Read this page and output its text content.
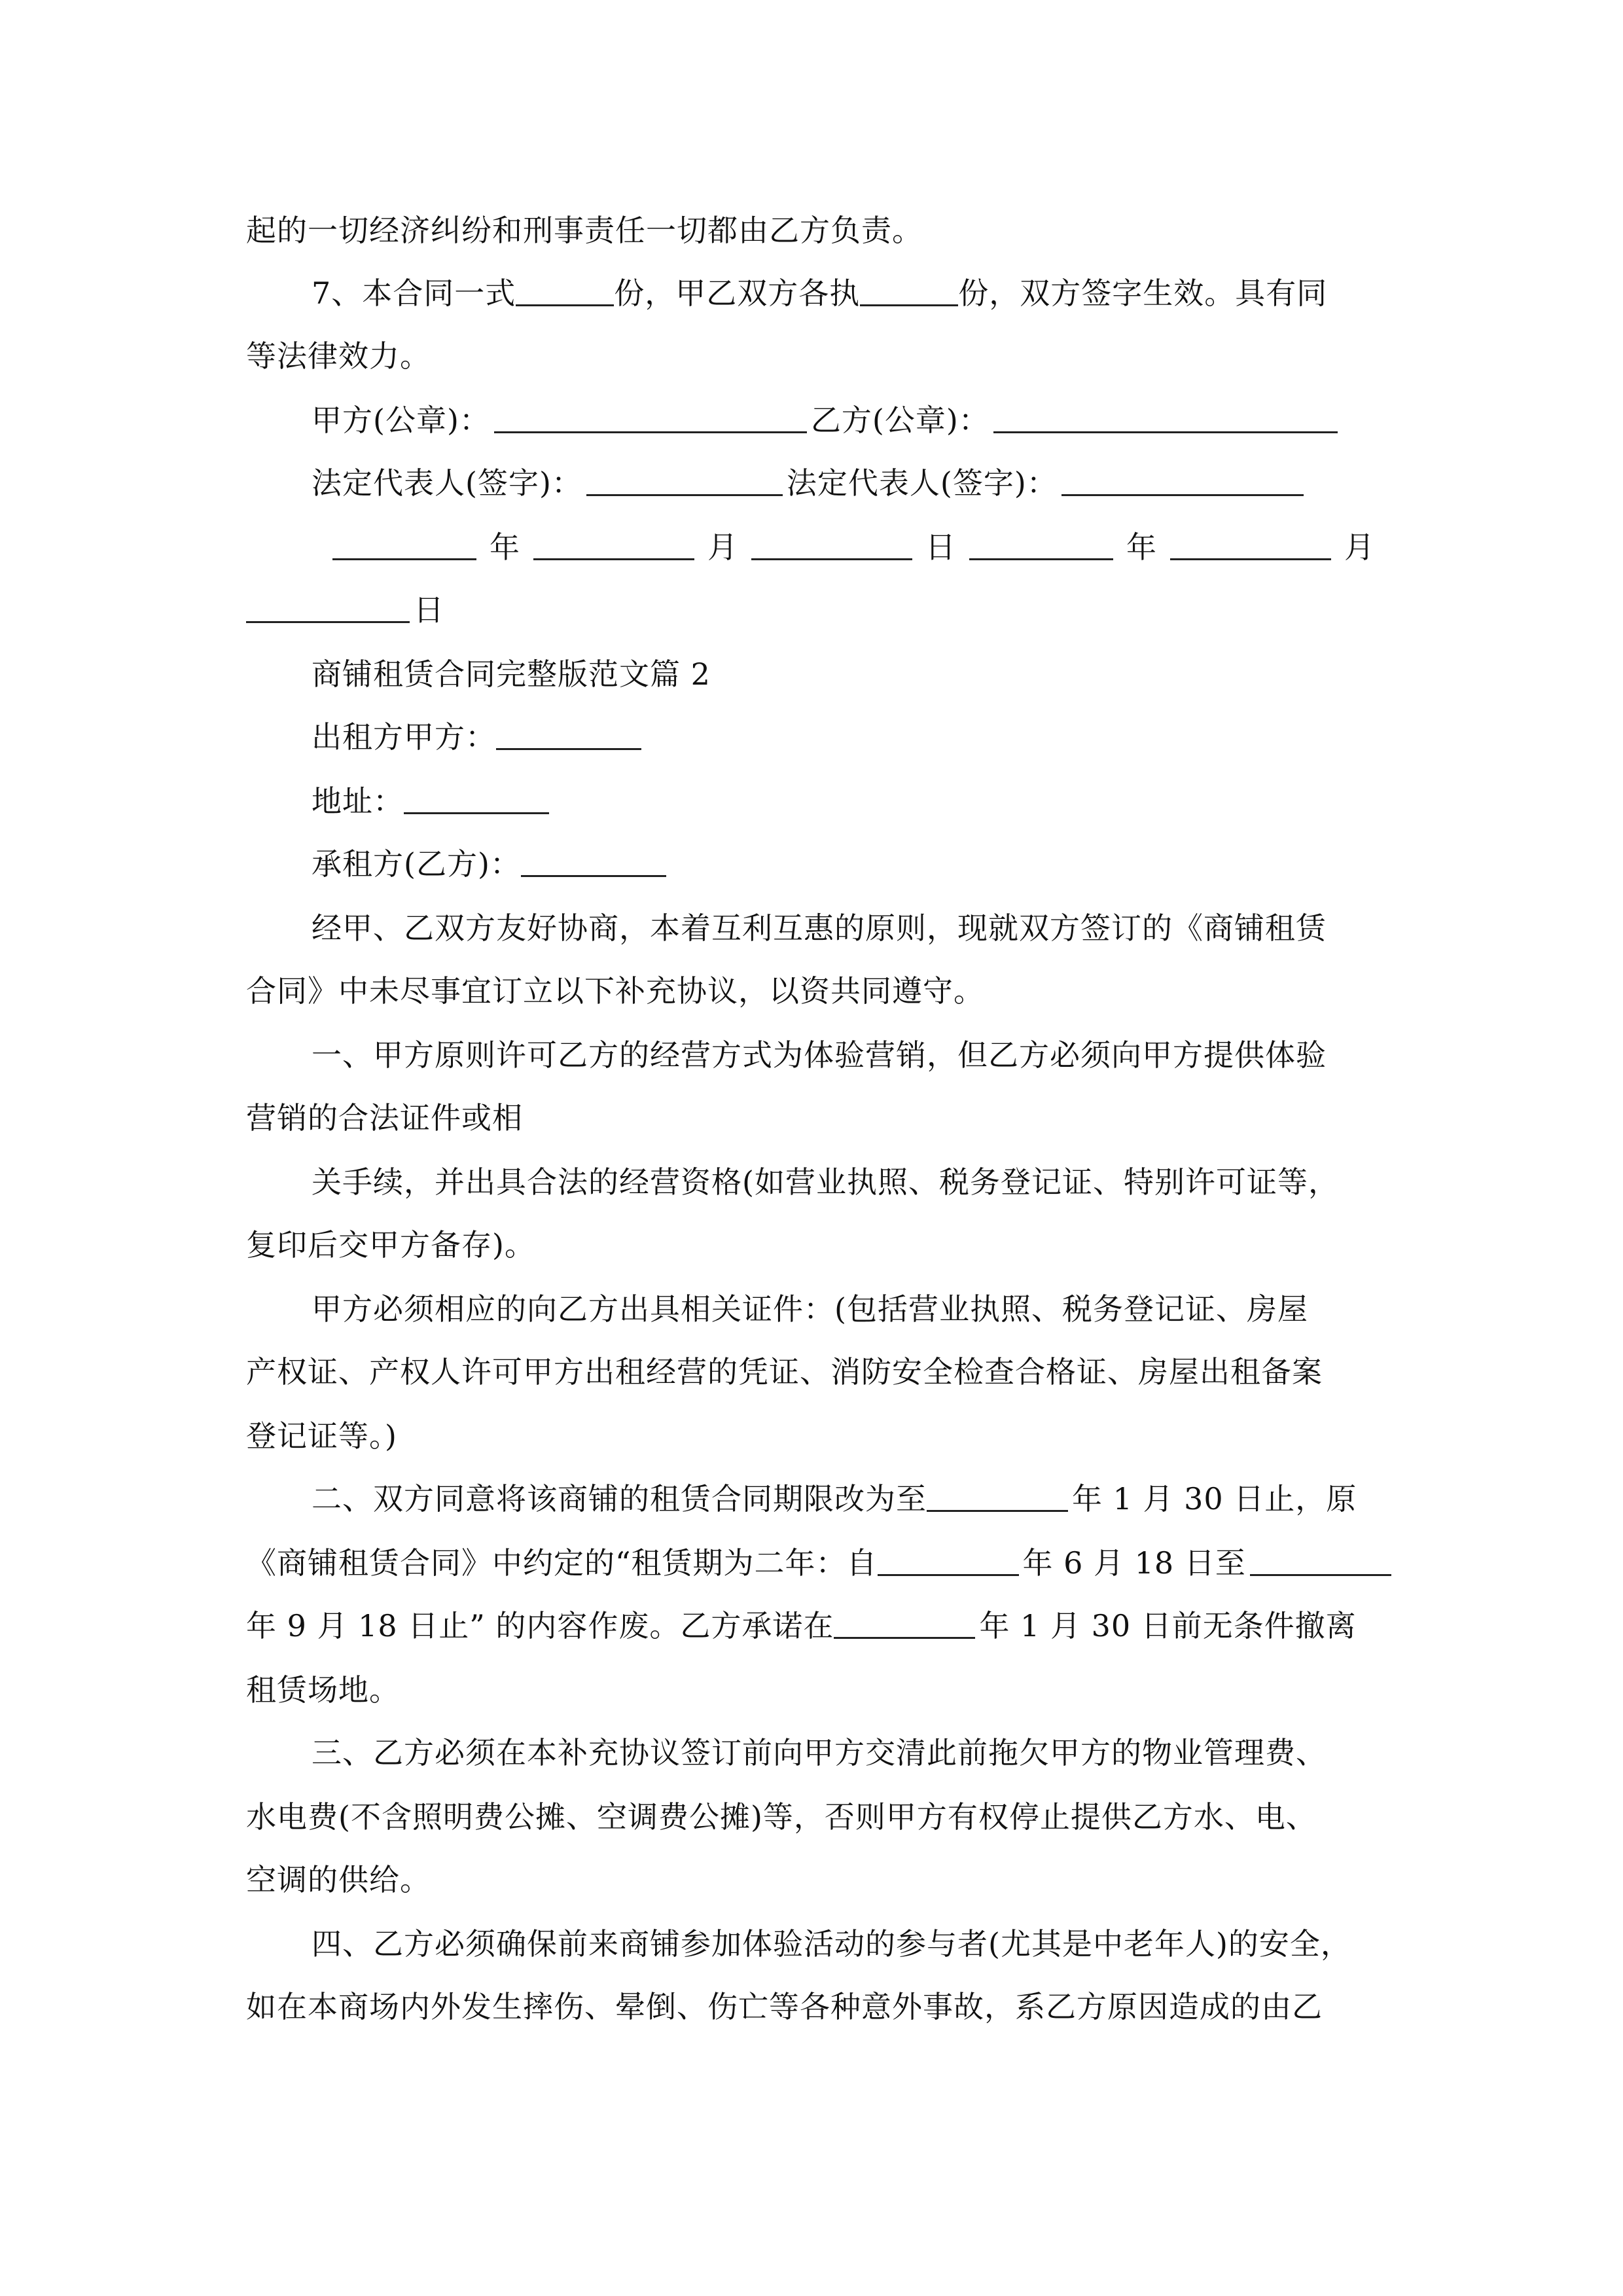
起的一切经济纠纷和刑事责任一切都由乙方负责。
7、本合同一式	份，甲乙双方各执	份，双方签字生效。具有同
等法律效力。
甲方(公章)：	乙方(公章)：
法定代表人(签字)：	法定代表人(签字)：
年	月	日	年	月
日
商铺租赁合同完整版范文篇 2
出租方甲方：
地址：
承租方(乙方)：
经甲、乙双方友好协商，本着互利互惠的原则，现就双方签订的《商铺租赁
合同》中未尽事宜订立以下补充协议，以资共同遵守。
一、甲方原则许可乙方的经营方式为体验营销，但乙方必须向甲方提供体验
营销的合法证件或相
关手续，并出具合法的经营资格(如营业执照、税务登记证、特别许可证等，
复印后交甲方备存)。
甲方必须相应的向乙方出具相关证件：(包括营业执照、税务登记证、房屋
产权证、产权人许可甲方出租经营的凭证、消防安全检查合格证、房屋出租备案
登记证等。)
二、双方同意将该商铺的租赁合同期限改为至	年 1 月 30 日止，原
《商铺租赁合同》中约定的“租赁期为二年：自	年 6 月 18 日至
年 9 月 18 日止” 的内容作废。乙方承诺在	年 1 月 30 日前无条件撤离
租赁场地。
三、乙方必须在本补充协议签订前向甲方交清此前拖欠甲方的物业管理费、
水电费(不含照明费公摊、空调费公摊)等，否则甲方有权停止提供乙方水、电、
空调的供给。
四、乙方必须确保前来商铺参加体验活动的参与者(尤其是中老年人)的安全，
如在本商场内外发生摔伤、晕倒、伤亡等各种意外事故，系乙方原因造成的由乙
